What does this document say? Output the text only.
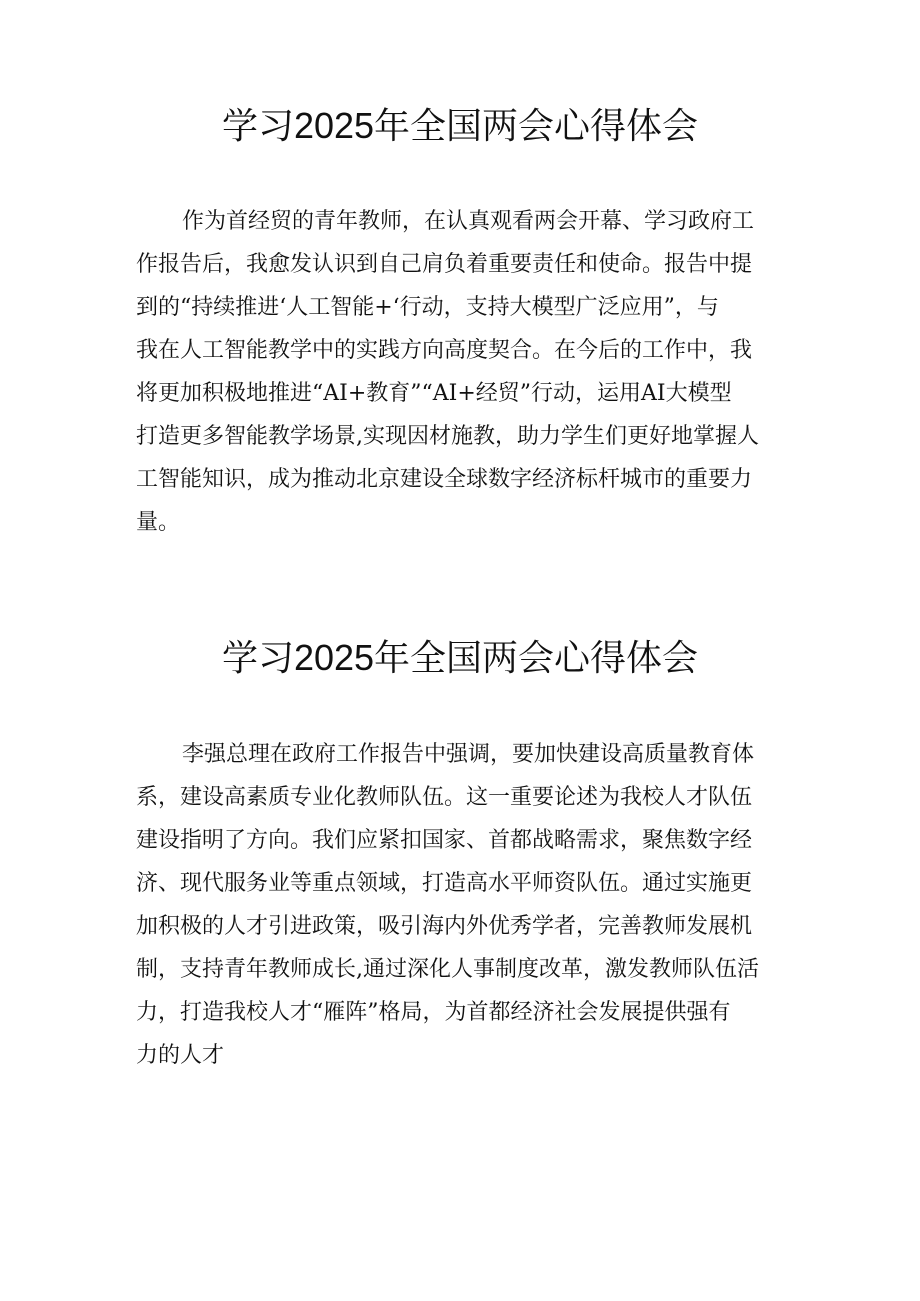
学习2025年全国两会心得体会
作为首经贸的青年教师，在认真观看两会开幕、学习政府工
作报告后，我愈发认识到自己肩负着重要责任和使命。报告中提
到的“持续推进‘人工智能+‘行动，支持大模型广泛应用”，与
我在人工智能教学中的实践方向高度契合。在今后的工作中，我
将更加积极地推进“AI+教育”“AI+经贸”行动，运用AI大模型
打造更多智能教学场景,实现因材施教，助力学生们更好地掌握人
工智能知识，成为推动北京建设全球数字经济标杆城市的重要力
量。
学习2025年全国两会心得体会
李强总理在政府工作报告中强调，要加快建设高质量教育体
系，建设高素质专业化教师队伍。这一重要论述为我校人才队伍
建设指明了方向。我们应紧扣国家、首都战略需求，聚焦数字经
济、现代服务业等重点领域，打造高水平师资队伍。通过实施更
加积极的人才引进政策，吸引海内外优秀学者，完善教师发展机
制，支持青年教师成长,通过深化人事制度改革，激发教师队伍活
力，打造我校人才“雁阵”格局，为首都经济社会发展提供强有
力的人才
